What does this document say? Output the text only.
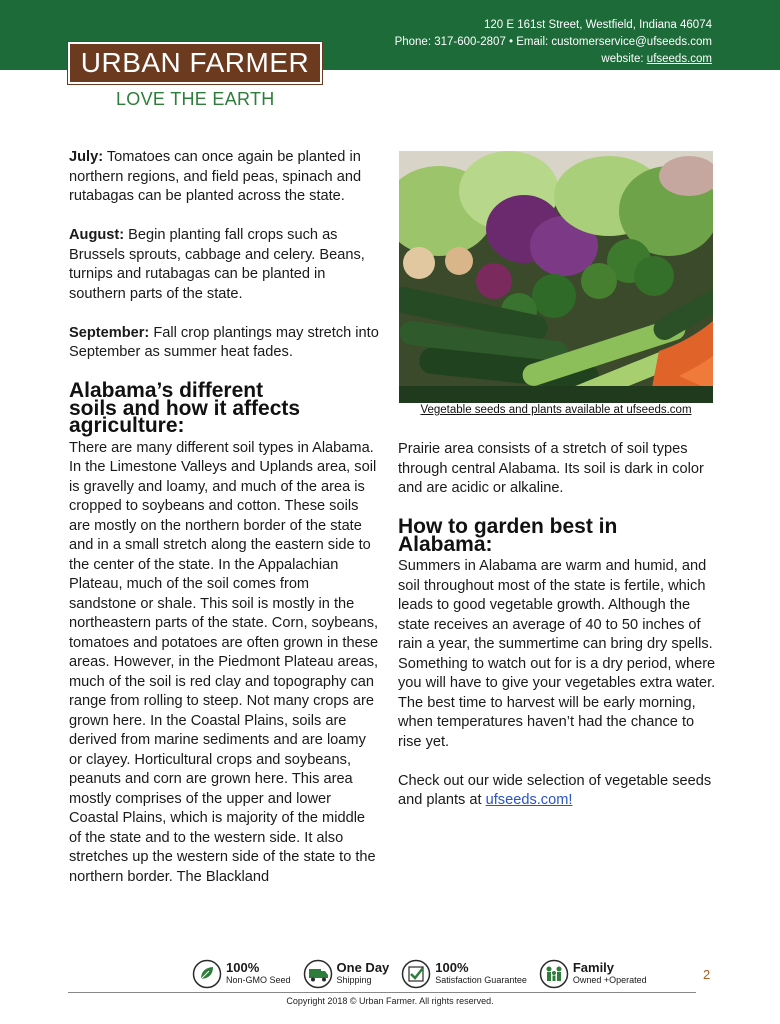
120 E 161st Street, Westfield, Indiana 46074
Phone: 317-600-2807 • Email: customerservice@ufseeds.com
website: ufseeds.com
URBAN FARMER
LOVE THE EARTH

July: Tomatoes can once again be planted in northern regions, and field peas, spinach and rutabagas can be planted across the state.

August: Begin planting fall crops such as Brussels sprouts, cabbage and celery. Beans, turnips and rutabagas can be planted in southern parts of the state.

September: Fall crop plantings may stretch into September as summer heat fades.

Alabama’s different
soils and how it affects
agriculture:
There are many different soil types in Alabama. In the Limestone Valleys and Uplands area, soil is gravelly and loamy, and much of the area is cropped to soybeans and cotton. These soils are mostly on the northern border of the state and in a small stretch along the eastern side to the center of the state. In the Appalachian Plateau, much of the soil comes from sandstone or shale. This soil is mostly in the northeastern parts of the state. Corn, soybeans, tomatoes and potatoes are often grown in these areas. However, in the Piedmont Plateau areas, much of the soil is red clay and topography can range from rolling to steep. Not many crops are grown here. In the Coastal Plains, soils are derived from marine sediments and are loamy or clayey. Horticultural crops and soybeans, peanuts and corn are grown here. This area mostly comprises of the upper and lower Coastal Plains, which is majority of the middle of the state and to the western side. It also stretches up the western side of the state to the northern border. The Blackland
Vegetable seeds and plants available at ufseeds.com

Prairie area consists of a stretch of soil types through central Alabama. Its soil is dark in color and are acidic or alkaline.

How to garden best in
Alabama:

Summers in Alabama are warm and humid, and soil throughout most of the state is fertile, which leads to good vegetable growth. Although the state receives an average of 40 to 50 inches of rain a year, the summertime can bring dry spells. Something to watch out for is a dry period, where you will have to give your vegetables extra water. The best time to harvest will be early morning, when temperatures haven’t had the chance to rise yet.

Check out our wide selection of vegetable seeds and plants at ufseeds.com!

100%
Non-GMO Seed
One Day
Shipping
100%
Satisfaction Guarantee
Family
Owned +Operated	2
Copyright 2018 © Urban Farmer. All rights reserved.
